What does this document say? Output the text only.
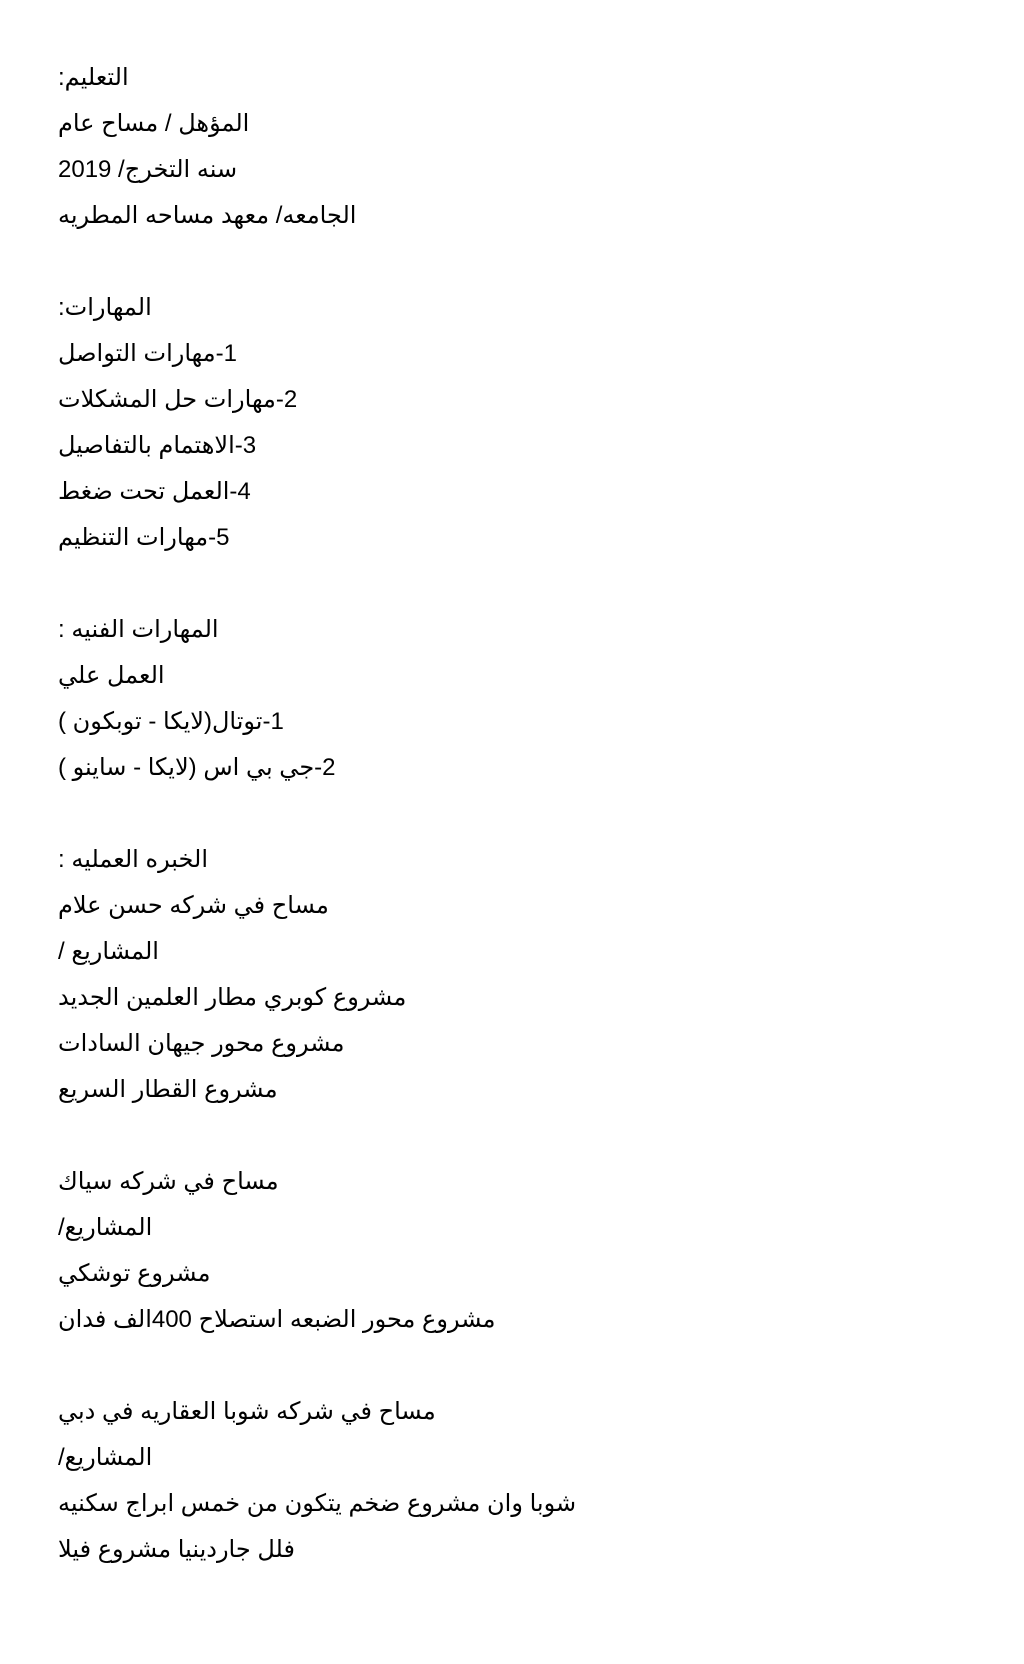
التعليم:
المؤهل / مساح عام
سنه التخرج/ 2019
الجامعه/ معهد مساحه المطريه
المهارات:
1-مهارات التواصل
2-مهارات حل المشكلات
3-الاهتمام بالتفاصيل
4-العمل تحت ضغط
5-مهارات التنظيم
المهارات الفنيه :
العمل علي
1-توتال(لايكا - توبكون )
2-جي بي اس (لايكا - ساينو )
الخبره العمليه :
مساح في شركه حسن علام
المشاريع /
مشروع كوبري مطار العلمين الجديد
مشروع محور جيهان السادات
مشروع القطار السريع
مساح في شركه سياك
المشاريع/
مشروع توشكي
مشروع محور الضبعه استصلاح 400الف فدان
مساح في شركه شوبا العقاريه في دبي
المشاريع/
شوبا وان مشروع ضخم يتكون من خمس ابراج سكنيه
فلل جاردينيا مشروع فيلا
